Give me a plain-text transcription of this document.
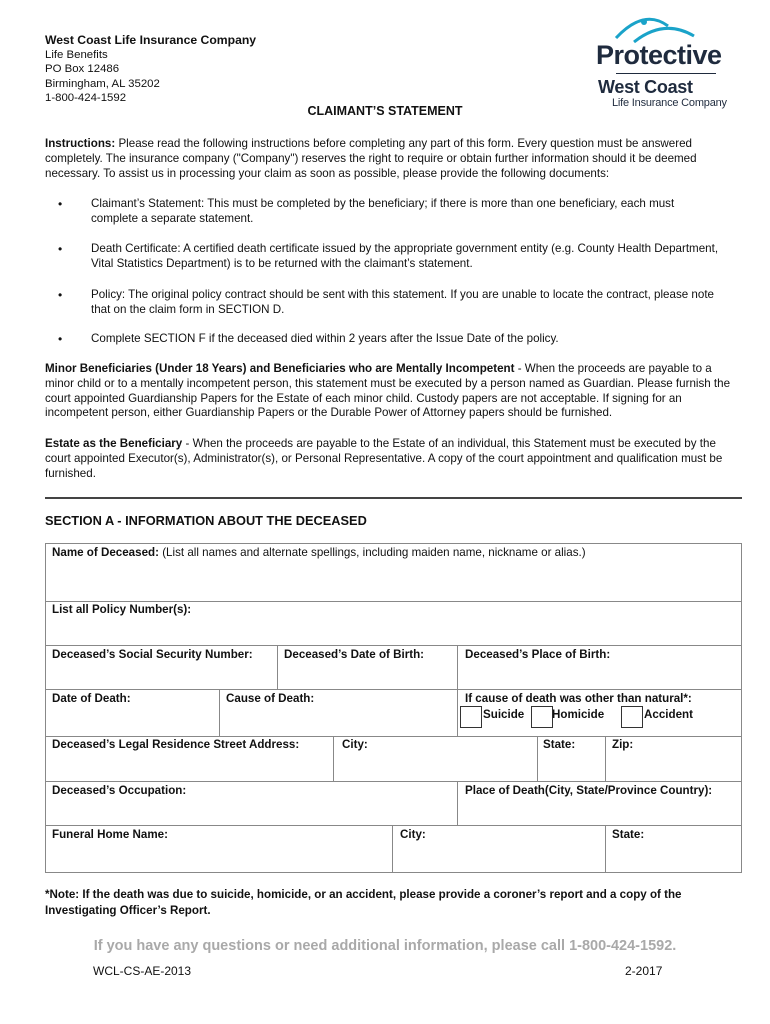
West Coast Life Insurance Company
Life Benefits
PO Box 12486
Birmingham, AL 35202
1-800-424-1592
Protective
West Coast
Life Insurance Company
CLAIMANT’S STATEMENT
Instructions: Please read the following instructions before completing any part of this form. Every question must be answered completely. The insurance company ("Company") reserves the right to require or obtain further information should it be deemed necessary. To assist us in processing your claim as soon as possible, please provide the following documents:
• Claimant’s Statement: This must be completed by the beneficiary; if there is more than one beneficiary, each must complete a separate statement.
• Death Certificate: A certified death certificate issued by the appropriate government entity (e.g. County Health Department, Vital Statistics Department) is to be returned with the claimant’s statement.
• Policy: The original policy contract should be sent with this statement. If you are unable to locate the contract, please note that on the claim form in SECTION D.
• Complete SECTION F if the deceased died within 2 years after the Issue Date of the policy.
Minor Beneficiaries (Under 18 Years) and Beneficiaries who are Mentally Incompetent - When the proceeds are payable to a minor child or to a mentally incompetent person, this statement must be executed by a person named as Guardian. Please furnish the court appointed Guardianship Papers for the Estate of each minor child. Custody papers are not acceptable. If signing for an incompetent person, either Guardianship Papers or the Durable Power of Attorney papers should be furnished.
Estate as the Beneficiary - When the proceeds are payable to the Estate of an individual, this Statement must be executed by the court appointed Executor(s), Administrator(s), or Personal Representative. A copy of the court appointment and qualification must be furnished.
SECTION A - INFORMATION ABOUT THE DECEASED
Name of Deceased: (List all names and alternate spellings, including maiden name, nickname or alias.)
List all Policy Number(s):
Deceased’s Social Security Number:	Deceased’s Date of Birth:	Deceased’s Place of Birth:
Date of Death:	Cause of Death:	If cause of death was other than natural*:
Suicide Homicide	Accident
Deceased’s Legal Residence Street Address:	City:	State:	Zip:
Deceased’s Occupation:	Place of Death(City, State/Province Country):
Funeral Home Name:	City:	State:
*Note: If the death was due to suicide, homicide, or an accident, please provide a coroner’s report and a copy of the Investigating Officer’s Report.
If you have any questions or need additional information, please call 1-800-424-1592.
WCL-CS-AE-2013	2-2017
